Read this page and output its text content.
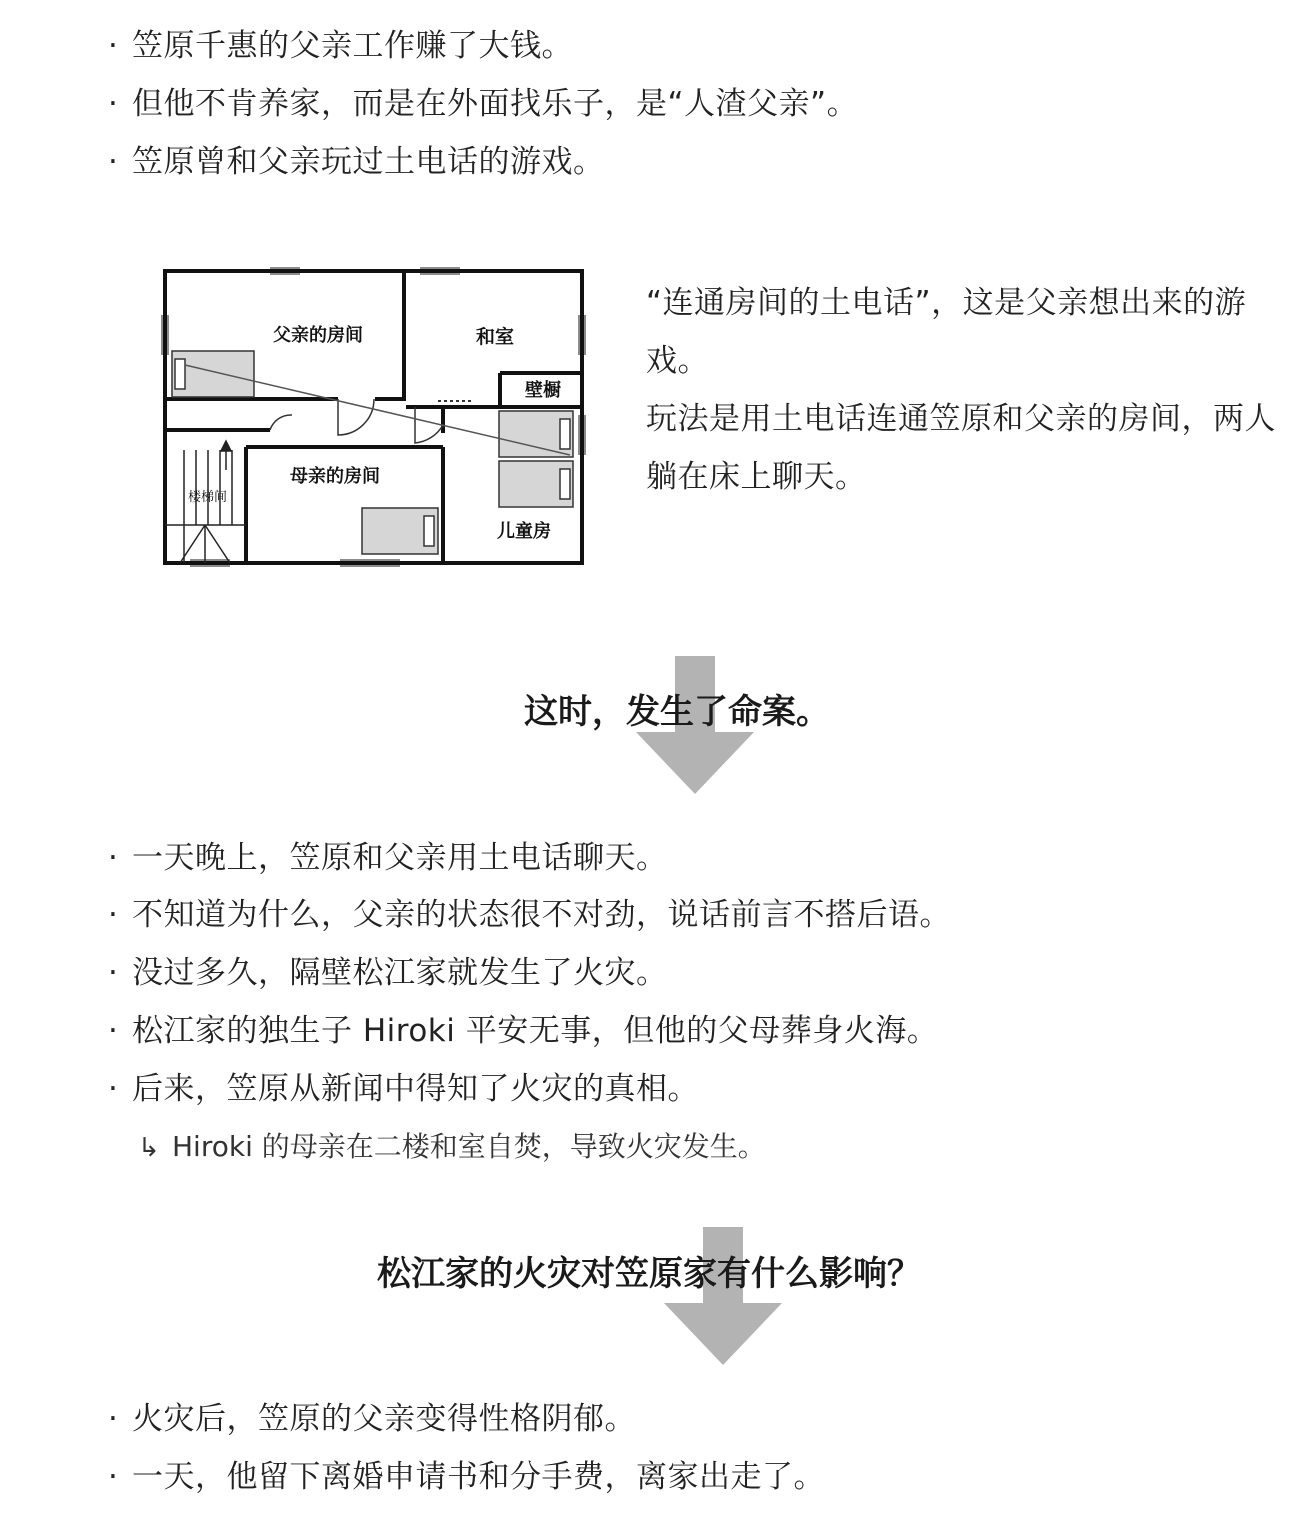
· 笠原千惠的父亲工作赚了大钱。
· 但他不肯养家，而是在外面找乐子，是“人渣父亲”。
· 笠原曾和父亲玩过土电话的游戏。
父亲的房间	和室
壁橱
楼梯间
母亲的房间
儿童房

“连通房间的土电话”，这是父亲想出来的游戏。

玩法是用土电话连通笠原和父亲的房间，两人躺在床上聊天。

这时，发生了命案。
· 一天晚上，笠原和父亲用土电话聊天。
· 不知道为什么，父亲的状态很不对劲，说话前言不搭后语。
· 没过多久，隔壁松江家就发生了火灾。
· 松江家的独生子 Hiroki 平安无事，但他的父母葬身火海。
· 后来，笠原从新闻中得知了火灾的真相。
↳ Hiroki 的母亲在二楼和室自焚，导致火灾发生。
松江家的火灾对笠原家有什么影响？
· 火灾后，笠原的父亲变得性格阴郁。
· 一天，他留下离婚申请书和分手费，离家出走了。
